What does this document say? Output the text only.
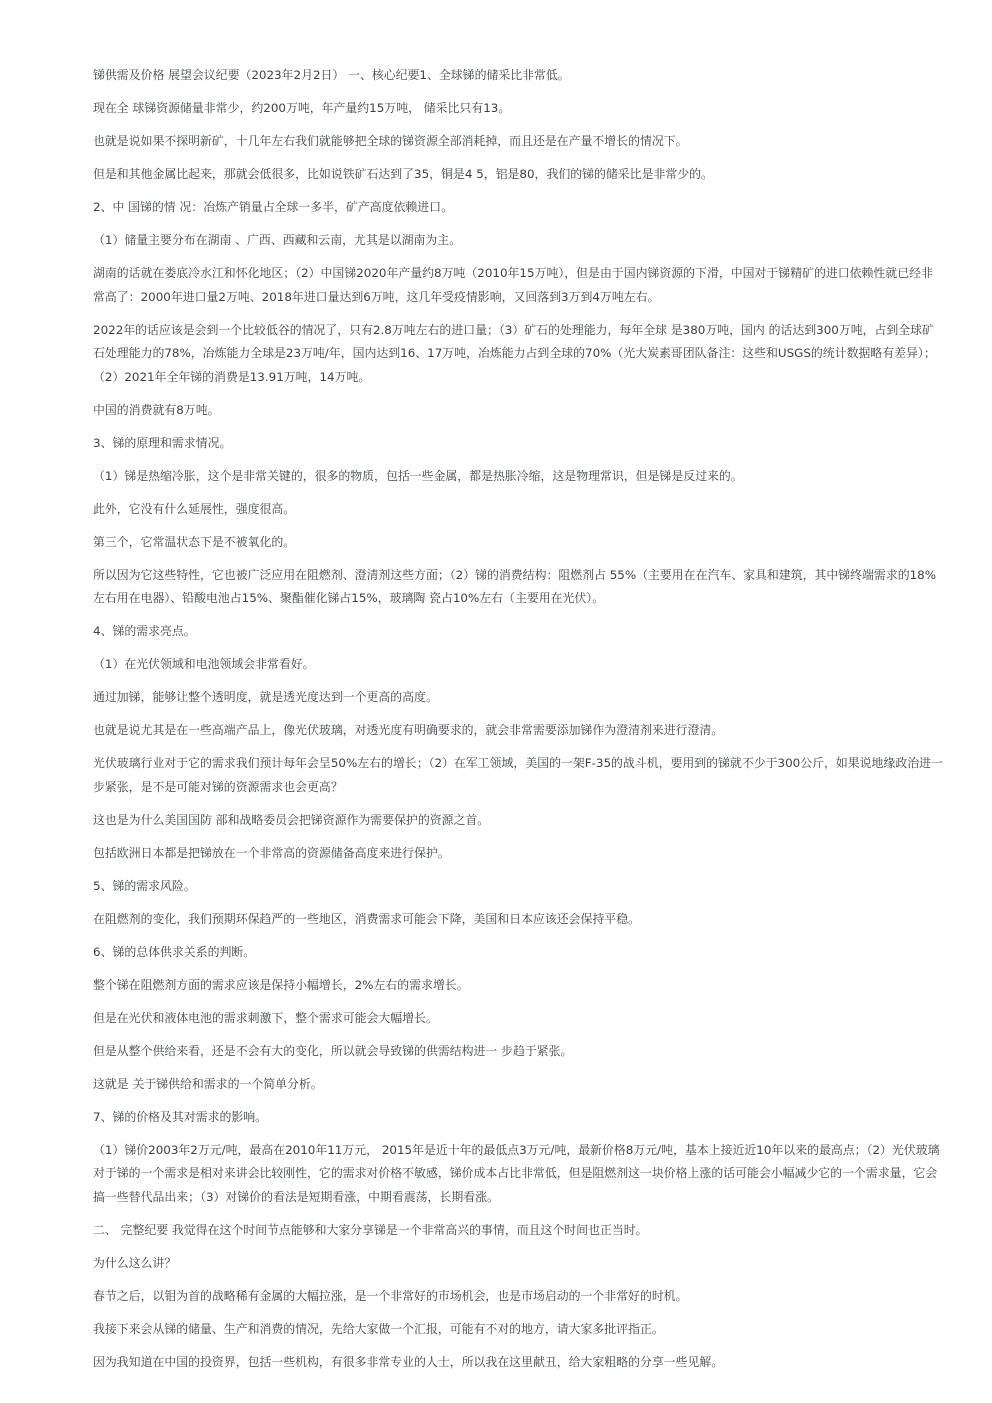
锑供需及价格 展望会议纪要（2023年2月2日） 一、核心纪要1、全球锑的储采比非常低。

现在全 球锑资源储量非常少，约200万吨，年产量约15万吨， 储采比只有13。

也就是说如果不探明新矿，十几年左右我们就能够把全球的锑资源全部消耗掉，而且还是在产量不增长的情况下。

但是和其他金属比起来，那就会低很多，比如说铁矿石达到了35，铜是4 5，铝是80，我们的锑的储采比是非常少的。

2、中 国锑的情 况：冶炼产销量占全球一多半，矿产高度依赖进口。

（1）储量主要分布在湖南 、广西、西藏和云南，尤其是以湖南为主。

湖南的话就在娄底冷水江和怀化地区；（2）中国锑2020年产量约8万吨（2010年15万吨），但是由于国内锑资源的下滑，中国对于锑精矿的进口依赖性就已经非常高了：2000年进口量2万吨、2018年进口量达到6万吨，这几年受疫情影响，又回落到3万到4万吨左右。

2022年的话应该是会到一个比较低谷的情况了，只有2.8万吨左右的进口量；（3）矿石的处理能力，每年全球 是380万吨，国内 的话达到300万吨，占到全球矿石处理能力的78%，冶炼能力全球是23万吨/年，国内达到16、17万吨，冶炼能力占到全球的70%（光大炭素哥团队备注：这些和USGS的统计数据略有差异）；（2）2021年全年锑的消费是13.91万吨，14万吨。

中国的消费就有8万吨。

3、锑的原理和需求情况。

（1）锑是热缩冷胀，这个是非常关键的，很多的物质，包括一些金属，都是热胀冷缩，这是物理常识，但是锑是反过来的。

此外，它没有什么延展性，强度很高。

第三个，它常温状态下是不被氧化的。

所以因为它这些特性，它也被广泛应用在阻燃剂、澄清剂这些方面；（2）锑的消费结构：阻燃剂占 55%（主要用在在汽车、家具和建筑，其中锑终端需求的18%左右用在电器）、铅酸电池占15%、聚酯催化锑占15%，玻璃陶 瓷占10%左右（主要用在光伏）。

4、锑的需求亮点。

（1）在光伏领域和电池领域会非常看好。

通过加锑，能够让整个透明度，就是透光度达到一个更高的高度。

也就是说尤其是在一些高端产品上，像光伏玻璃，对透光度有明确要求的，就会非常需要添加锑作为澄清剂来进行澄清。

光伏玻璃行业对于它的需求我们预计每年会呈50%左右的增长；（2）在军工领域，美国的一架F-35的战斗机，要用到的锑就不少于300公斤，如果说地缘政治进一步紧张，是不是可能对锑的资源需求也会更高？

这也是为什么美国国防 部和战略委员会把锑资源作为需要保护的资源之首。

包括欧洲日本都是把锑放在一个非常高的资源储备高度来进行保护。

5、锑的需求风险。

在阻燃剂的变化，我们预期环保趋严的一些地区，消费需求可能会下降，美国和日本应该还会保持平稳。

6、锑的总体供求关系的判断。

整个锑在阻燃剂方面的需求应该是保持小幅增长，2%左右的需求增长。

但是在光伏和液体电池的需求刺激下，整个需求可能会大幅增长。

但是从整个供给来看，还是不会有大的变化，所以就会导致锑的供需结构进一 步趋于紧张。

这就是 关于锑供给和需求的一个简单分析。

7、锑的价格及其对需求的影响。

（1）锑价2003年2万元/吨，最高在2010年11万元， 2015年是近十年的最低点3万元/吨，最新价格8万元/吨，基本上接近近10年以来的最高点；（2）光伏玻璃对于锑的一个需求是相对来讲会比较刚性，它的需求对价格不敏感，锑价成本占比非常低，但是阻燃剂这一块价格上涨的话可能会小幅减少它的一个需求量，它会搞一些替代品出来；（3）对锑价的看法是短期看涨，中期看震荡，长期看涨。

二、 完整纪要 我觉得在这个时间节点能够和大家分享锑是一个非常高兴的事情，而且这个时间也正当时。

为什么这么讲？

春节之后，以钼为首的战略稀有金属的大幅拉涨，是一个非常好的市场机会，也是市场启动的一个非常好的时机。

我接下来会从锑的储量、生产和消费的情况，先给大家做一个汇报，可能有不对的地方，请大家多批评指正。

因为我知道在中国的投资界，包括一些机构，有很多非常专业的人士，所以我在这里献丑，给大家粗略的分享一些见解。
